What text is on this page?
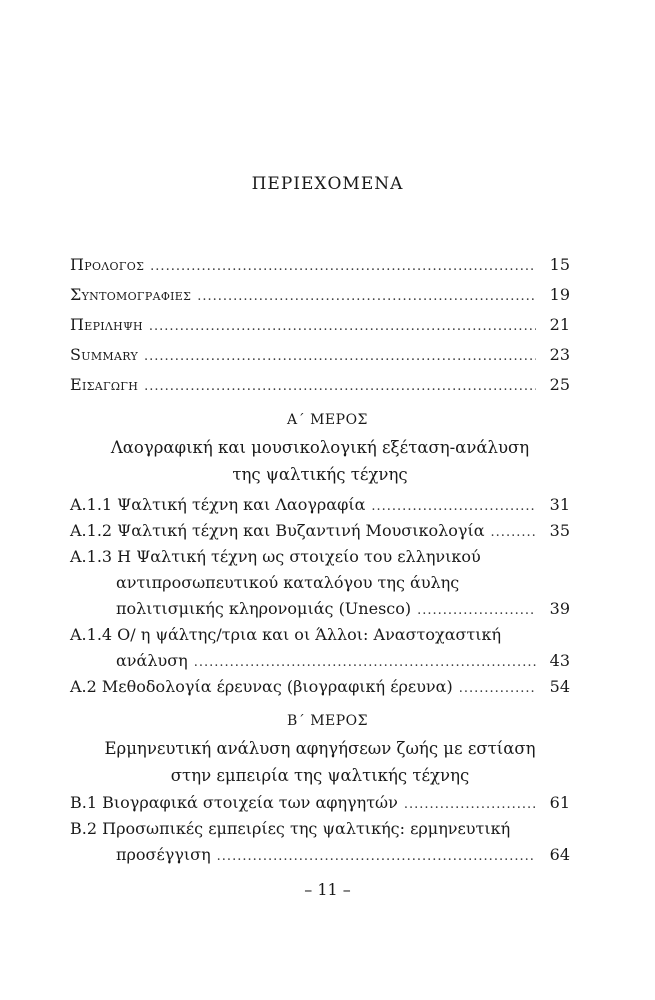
ΠΕΡΙΕΧΟΜΕΝΑ
Προλογος .....	15
Συντομογραφιες .....	19
Περιληψη .....	21
Summary .....	23
Εισαγωγη .....	25
Α΄ ΜΕΡΟΣ
Λαογραφική και μουσικολογική εξέταση-ανάλυση
της ψαλτικής τέχνης
Α.1.1 Ψαλτική τέχνη και Λαογραφία .....	31
Α.1.2 Ψαλτική τέχνη και Βυζαντινή Μουσικολογία .....	35
Α.1.3 Η Ψαλτική τέχνη ως στοιχείο του ελληνικού
αντιπροσωπευτικού καταλόγου της άυλης
πολιτισμικής κληρονομιάς (Unesco) .....	39
Α.1.4 Ο/ η ψάλτης/τρια και οι Άλλοι: Αναστοχαστική
ανάλυση .....	43
Α.2 Μεθοδολογία έρευνας (βιογραφική έρευνα) .....	54
Β΄ ΜΕΡΟΣ
Ερμηνευτική ανάλυση αφηγήσεων ζωής με εστίαση
στην εμπειρία της ψαλτικής τέχνης
Β.1 Βιογραφικά στοιχεία των αφηγητών .....	61
Β.2 Προσωπικές εμπειρίες της ψαλτικής: ερμηνευτική
προσέγγιση .....	64
– 11 –
